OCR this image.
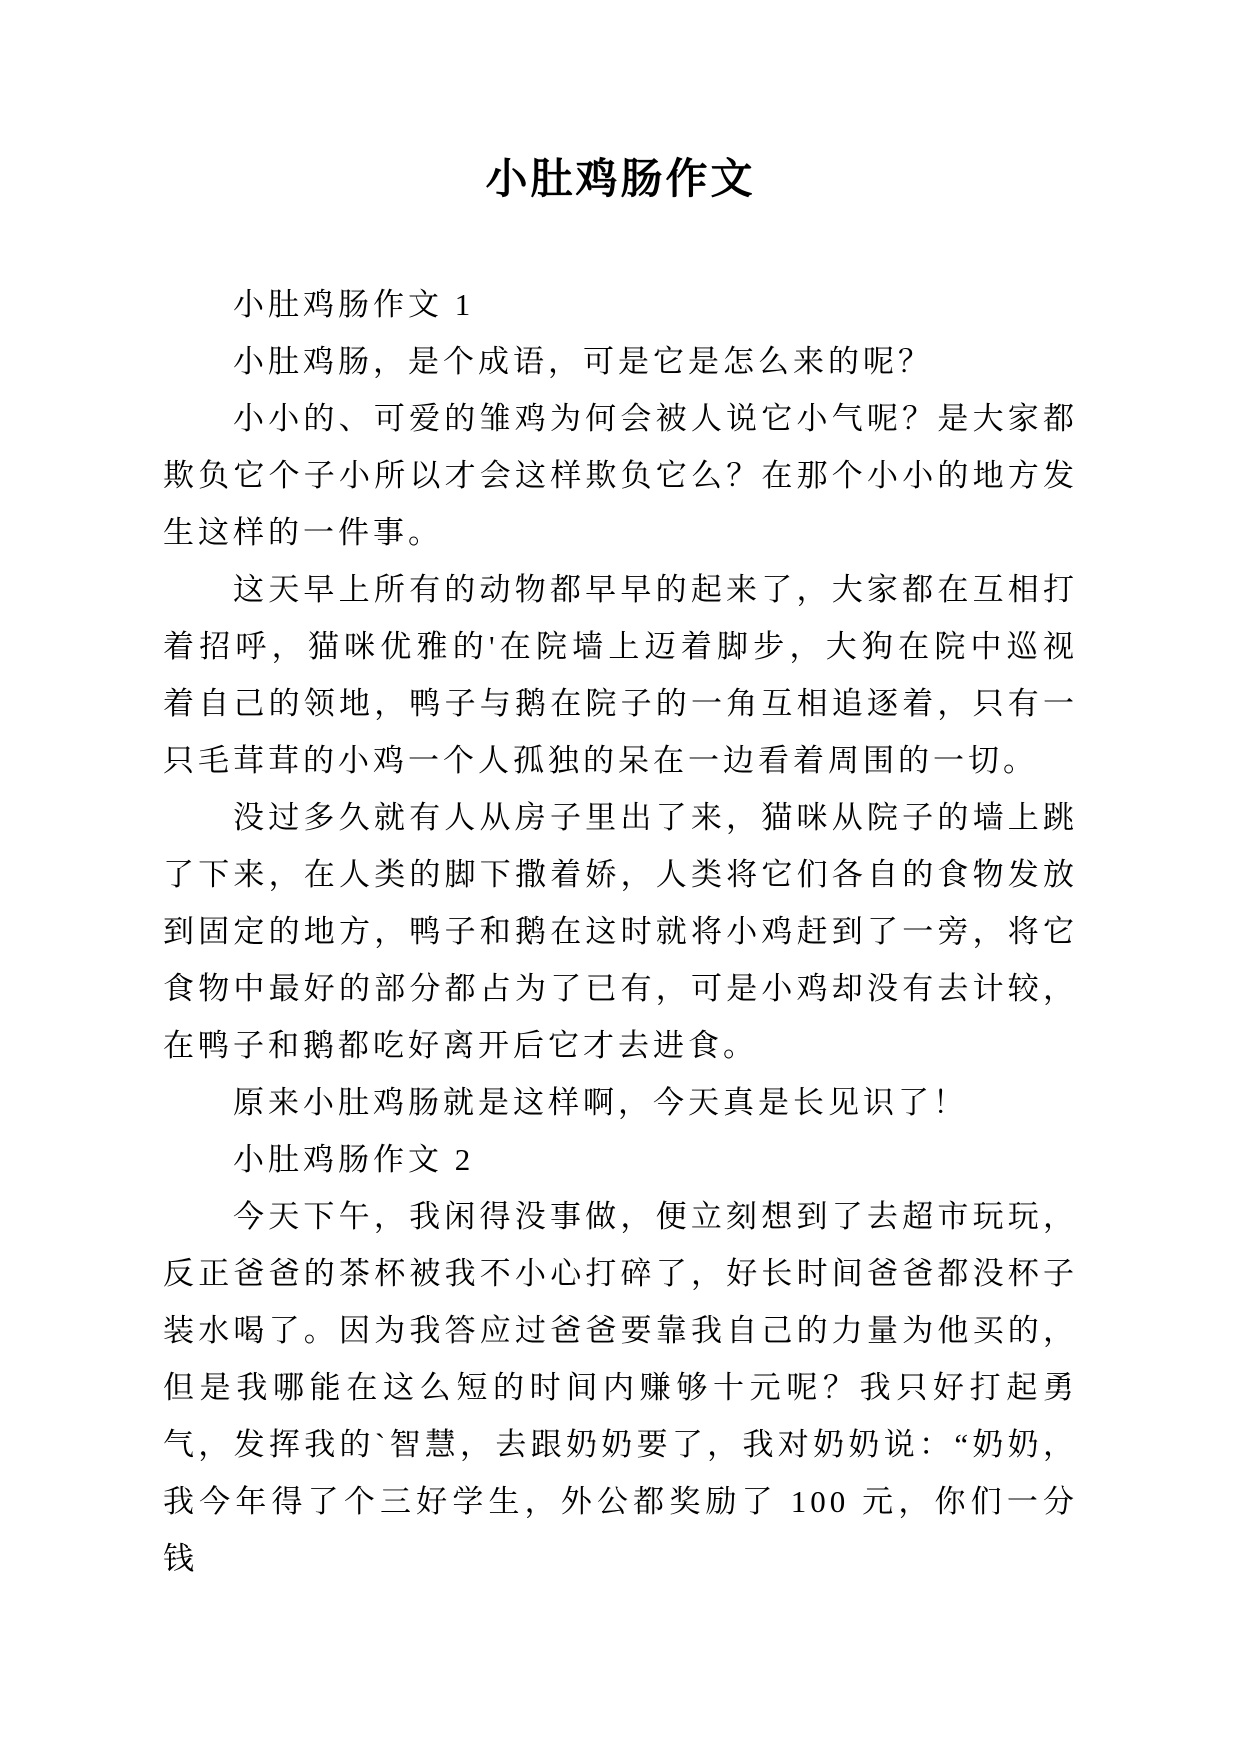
小肚鸡肠作文

小肚鸡肠作文 1

小肚鸡肠，是个成语，可是它是怎么来的呢？

小小的、可爱的雏鸡为何会被人说它小气呢？是大家都欺负它个子小所以才会这样欺负它么？在那个小小的地方发生这样的一件事。

这天早上所有的动物都早早的起来了，大家都在互相打着招呼，猫咪优雅的'在院墙上迈着脚步，大狗在院中巡视着自己的领地，鸭子与鹅在院子的一角互相追逐着，只有一只毛茸茸的小鸡一个人孤独的呆在一边看着周围的一切。

没过多久就有人从房子里出了来，猫咪从院子的墙上跳了下来，在人类的脚下撒着娇，人类将它们各自的食物发放到固定的地方，鸭子和鹅在这时就将小鸡赶到了一旁，将它食物中最好的部分都占为了已有，可是小鸡却没有去计较，在鸭子和鹅都吃好离开后它才去进食。

原来小肚鸡肠就是这样啊，今天真是长见识了！

小肚鸡肠作文 2

今天下午，我闲得没事做，便立刻想到了去超市玩玩，反正爸爸的茶杯被我不小心打碎了，好长时间爸爸都没杯子装水喝了。因为我答应过爸爸要靠我自己的力量为他买的，但是我哪能在这么短的时间内赚够十元呢？我只好打起勇气，发挥我的`智慧，去跟奶奶要了，我对奶奶说：“奶奶，我今年得了个三好学生，外公都奖励了 100 元，你们一分钱
